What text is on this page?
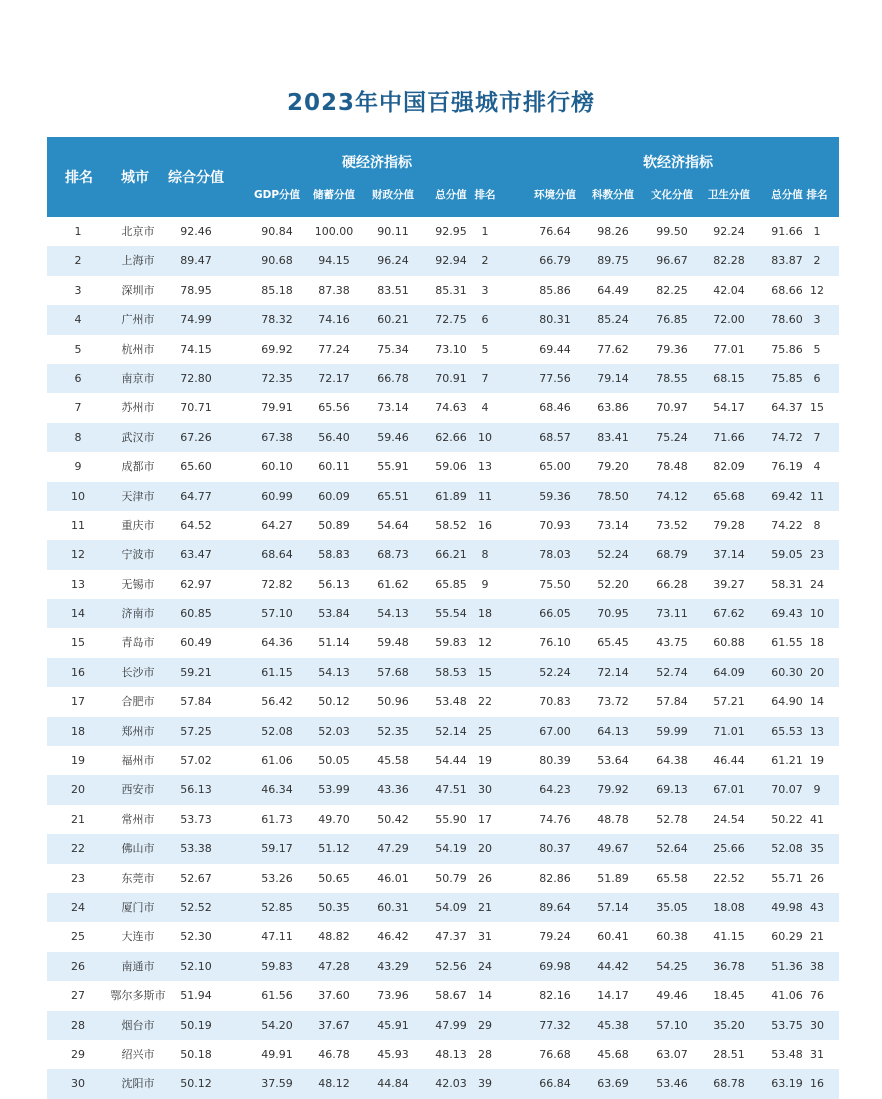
2023年中国百强城市排行榜
排名	城市	综合分值
硬经济指标	软经济指标
GDP分值	储蓄分值	财政分值	总分值 排名	环境分值	科教分值	文化分值	卫生分值	总分值 排名
1	北京市	92.46	90.84	100.00	90.11	92.95	1	76.64	98.26	99.50	92.24	91.66 1
2	上海市	89.47	90.68	94.15	96.24	92.94	2	66.79	89.75	96.67	82.28	83.87 2
3	深圳市	78.95	85.18	87.38	83.51	85.31	3	85.86	64.49	82.25	42.04	68.66 12
4	广州市	74.99	78.32	74.16	60.21	72.75	6	80.31	85.24	76.85	72.00	78.60 3
5	杭州市	74.15	69.92	77.24	75.34	73.10	5	69.44	77.62	79.36	77.01	75.86 5
6	南京市	72.80	72.35	72.17	66.78	70.91	7	77.56	79.14	78.55	68.15	75.85 6
7	苏州市	70.71	79.91	65.56	73.14	74.63	4	68.46	63.86	70.97	54.17	64.37 15
8	武汉市	67.26	67.38	56.40	59.46	62.66	10	68.57	83.41	75.24	71.66	74.72 7
9	成都市	65.60	60.10	60.11	55.91	59.06	13	65.00	79.20	78.48	82.09	76.19 4
10	天津市	64.77	60.99	60.09	65.51	61.89	11	59.36	78.50	74.12	65.68	69.42 11
11	重庆市	64.52	64.27	50.89	54.64	58.52	16	70.93	73.14	73.52	79.28	74.22 8
12	宁波市	63.47	68.64	58.83	68.73	66.21	8	78.03	52.24	68.79	37.14	59.05 23
13	无锡市	62.97	72.82	56.13	61.62	65.85	9	75.50	52.20	66.28	39.27	58.31 24
14	济南市	60.85	57.10	53.84	54.13	55.54	18	66.05	70.95	73.11	67.62	69.43 10
15	青岛市	60.49	64.36	51.14	59.48	59.83	12	76.10	65.45	43.75	60.88	61.55 18
16	长沙市	59.21	61.15	54.13	57.68	58.53	15	52.24	72.14	52.74	64.09	60.30 20
17	合肥市	57.84	56.42	50.12	50.96	53.48	22	70.83	73.72	57.84	57.21	64.90 14
18	郑州市	57.25	52.08	52.03	52.35	52.14	25	67.00	64.13	59.99	71.01	65.53 13
19	福州市	57.02	61.06	50.05	45.58	54.44	19	80.39	53.64	64.38	46.44	61.21 19
20	西安市	56.13	46.34	53.99	43.36	47.51	30	64.23	79.92	69.13	67.01	70.07 9
21	常州市	53.73	61.73	49.70	50.42	55.90	17	74.76	48.78	52.78	24.54	50.22 41
22	佛山市	53.38	59.17	51.12	47.29	54.19	20	80.37	49.67	52.64	25.66	52.08 35
23	东莞市	52.67	53.26	50.65	46.01	50.79	26	82.86	51.89	65.58	22.52	55.71 26
24	厦门市	52.52	52.85	50.35	60.31	54.09	21	89.64	57.14	35.05	18.08	49.98 43
25	大连市	52.30	47.11	48.82	46.42	47.37	31	79.24	60.41	60.38	41.15	60.29 21
26	南通市	52.10	59.83	47.28	43.29	52.56	24	69.98	44.42	54.25	36.78	51.36 38
27	鄂尔多斯市	51.94	61.56	37.60	73.96	58.67	14	82.16	14.17	49.46	18.45	41.06 76
28	烟台市	50.19	54.20	37.67	45.91	47.99	29	77.32	45.38	57.10	35.20	53.75 30
29	绍兴市	50.18	49.91	46.78	45.93	48.13	28	76.68	45.68	63.07	28.51	53.48 31
30	沈阳市	50.12	37.59	48.12	44.84	42.03	39	66.84	63.69	53.46	68.78	63.19 16
